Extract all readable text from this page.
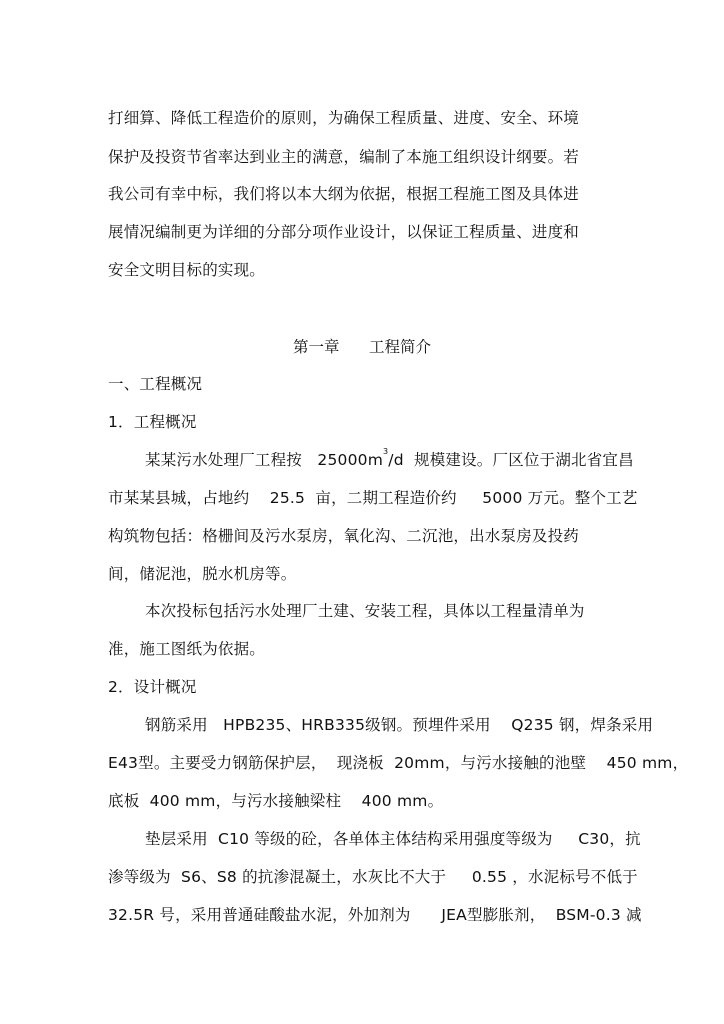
打细算、降低工程造价的原则，为确保工程质量、进度、安全、环境
保护及投资节省率达到业主的满意，编制了本施工组织设计纲要。若
我公司有幸中标，我们将以本大纲为依据，根据工程施工图及具体进
展情况编制更为详细的分部分项作业设计，以保证工程质量、进度和
安全文明目标的实现。
第一章      工程简介
一、工程概况
1．工程概况
某某污水处理厂工程按   $25000m^3/d$  规模建设。厂区位于湖北省宜昌
市某某县城，占地约    25.5  亩，二期工程造价约     5000 万元。整个工艺
构筑物包括：格栅间及污水泵房，氧化沟、二沉池，出水泵房及投药
间，储泥池，脱水机房等。
本次投标包括污水处理厂土建、安装工程，具体以工程量清单为
准，施工图纸为依据。
2．设计概况
钢筋采用   HPB235、HRB335级钢。预埋件采用    Q235 钢，焊条采用
E43型。主要受力钢筋保护层，  现浇板  20mm，与污水接触的池壁    450 mm，
底板  400 mm，与污水接触梁柱    400 mm。
垫层采用  C10 等级的砼，各单体主体结构采用强度等级为     C30，抗
渗等级为  S6、S8 的抗渗混凝土，水灰比不大于     0.55 ，水泥标号不低于
32.5R 号，采用普通硅酸盐水泥，外加剂为      JEA型膨胀剂，  BSM-0.3 减
